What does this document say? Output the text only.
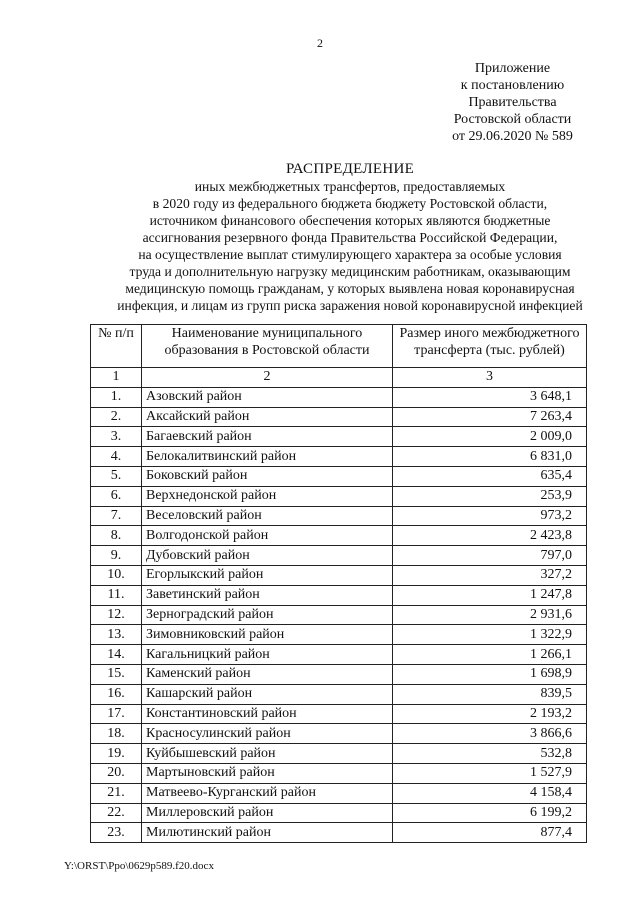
2
Приложение
к постановлению
Правительства
Ростовской области
от 29.06.2020 № 589
РАСПРЕДЕЛЕНИЕ
иных межбюджетных трансфертов, предоставляемых
в 2020 году из федерального бюджета бюджету Ростовской области,
источником финансового обеспечения которых являются бюджетные
ассигнования резервного фонда Правительства Российской Федерации,
на осуществление выплат стимулирующего характера за особые условия
труда и дополнительную нагрузку медицинским работникам, оказывающим
медицинскую помощь гражданам, у которых выявлена новая коронавирусная
инфекция, и лицам из групп риска заражения новой коронавирусной инфекцией
№ п/п	Наименование муниципального образования в Ростовской области	Размер иного межбюджетного трансферта (тыс. рублей)
1	2	3
1.	Азовский район	3 648,1
2.	Аксайский район	7 263,4
3.	Багаевский район	2 009,0
4.	Белокалитвинский район	6 831,0
5.	Боковский район	635,4
6.	Верхнедонской район	253,9
7.	Веселовский район	973,2
8.	Волгодонской район	2 423,8
9.	Дубовский район	797,0
10.	Егорлыкский район	327,2
11.	Заветинский район	1 247,8
12.	Зерноградский район	2 931,6
13.	Зимовниковский район	1 322,9
14.	Кагальницкий район	1 266,1
15.	Каменский район	1 698,9
16.	Кашарский район	839,5
17.	Константиновский район	2 193,2
18.	Красносулинский район	3 866,6
19.	Куйбышевский район	532,8
20.	Мартыновский район	1 527,9
21.	Матвеево-Курганский район	4 158,4
22.	Миллеровский район	6 199,2
23.	Милютинский район	877,4
Y:\ORST\Ppo\0629p589.f20.docx
